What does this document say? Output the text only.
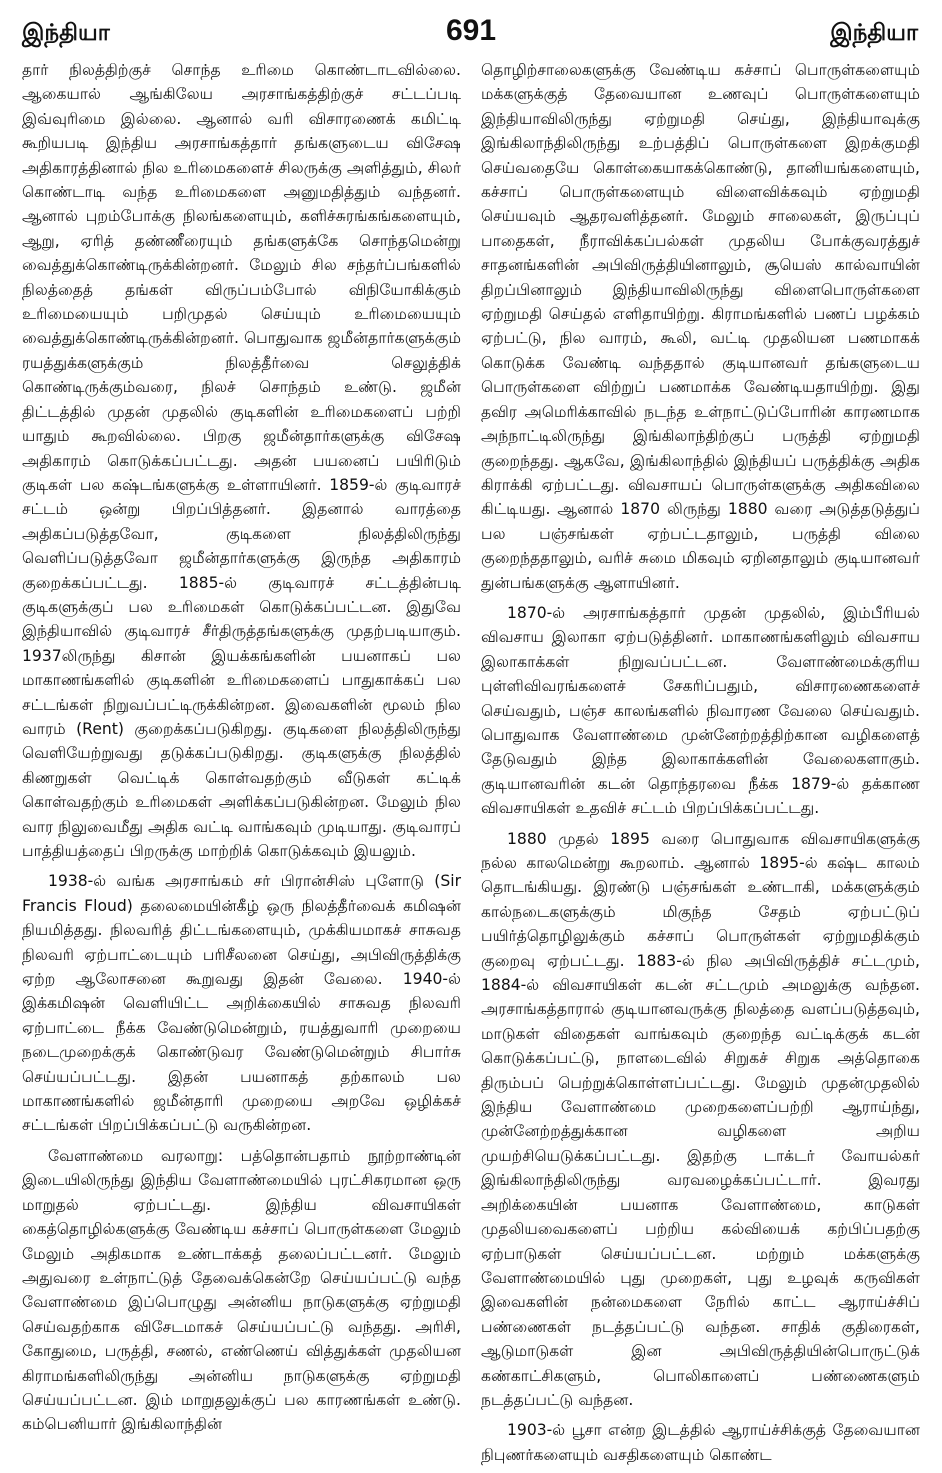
இந்தியா	691	இந்தியா

தார் நிலத்திற்குச் சொந்த உரிமை கொண்டாடவில்லை. ஆகையால் ஆங்கிலேய அரசாங்கத்திற்குச் சட்டப்படி இவ்வுரிமை இல்லை. ஆனால் வரி விசாரணைக் கமிட்டி கூறியபடி இந்திய அரசாங்கத்தார் தங்களுடைய விசேஷ அதிகாரத்தினால் நில உரிமைகளைச் சிலருக்கு அளித்தும், சிலர் கொண்டாடி வந்த உரிமைகளை அனுமதித்தும் வந்தனர். ஆனால் புறம்போக்கு நிலங்களையும், களிச்சுரங்கங்களையும், ஆறு, ஏரித் தண்ணீரையும் தங்களுக்கே சொந்தமென்று வைத்துக்கொண்டிருக்கின்றனர். மேலும் சில சந்தர்ப்பங்களில் நிலத்தைத் தங்கள் விருப்பம்போல் விநியோகிக்கும் உரிமையையும் பறிமுதல் செய்யும் உரிமையையும் வைத்துக்கொண்டிருக்கின்றனர். பொதுவாக ஜமீன்தார்களுக்கும் ரயத்துக்களுக்கும் நிலத்தீர்வை செலுத்திக் கொண்டிருக்கும்வரை, நிலச் சொந்தம் உண்டு. ஜமீன் திட்டத்தில் முதன் முதலில் குடிகளின் உரிமைகளைப் பற்றி யாதும் கூறவில்லை. பிறகு ஜமீன்தார்களுக்கு விசேஷ அதிகாரம் கொடுக்கப்பட்டது. அதன் பயனைப் பயிரிடும் குடிகள் பல கஷ்டங்களுக்கு உள்ளாயினர். 1859-ல் குடிவாரச் சட்டம் ஒன்று பிறப்பித்தனர். இதனால் வாரத்தை அதிகப்படுத்தவோ, குடிகளை நிலத்திலிருந்து வெளிப்படுத்தவோ ஜமீன்தார்களுக்கு இருந்த அதிகாரம் குறைக்கப்பட்டது. 1885-ல் குடிவாரச் சட்டத்தின்படி குடிகளுக்குப் பல உரிமைகள் கொடுக்கப்பட்டன. இதுவே இந்தியாவில் குடிவாரச் சீர்திருத்தங்களுக்கு முதற்படியாகும். 1937லிருந்து கிசான் இயக்கங்களின் பயனாகப் பல மாகாணங்களில் குடிகளின் உரிமைகளைப் பாதுகாக்கப் பல சட்டங்கள் நிறுவப்பட்டிருக்கின்றன. இவைகளின் மூலம் நில வாரம் (Rent) குறைக்கப்படுகிறது. குடிகளை நிலத்திலிருந்து வெளியேற்றுவது தடுக்கப்படுகிறது. குடிகளுக்கு நிலத்தில் கிணறுகள் வெட்டிக் கொள்வதற்கும் வீடுகள் கட்டிக் கொள்வதற்கும் உரிமைகள் அளிக்கப்படுகின்றன. மேலும் நில வார நிலுவைமீது அதிக வட்டி வாங்கவும் முடியாது. குடிவாரப் பாத்தியத்தைப் பிறருக்கு மாற்றிக் கொடுக்கவும் இயலும்.

1938-ல் வங்க அரசாங்கம் சர் பிரான்சிஸ் புளோடு (Sir Francis Floud) தலைமையின்கீழ் ஒரு நிலத்தீர்வைக் கமிஷன் நியமித்தது. நிலவரித் திட்டங்களையும், முக்கியமாகச் சாசுவத நிலவரி ஏற்பாட்டையும் பரிசீலனை செய்து, அபிவிருத்திக்கு ஏற்ற ஆலோசனை கூறுவது இதன் வேலை. 1940-ல் இக்கமிஷன் வெளியிட்ட அறிக்கையில் சாசுவத நிலவரி ஏற்பாட்டை நீக்க வேண்டுமென்றும், ரயத்துவாரி முறையை நடைமுறைக்குக் கொண்டுவர வேண்டுமென்றும் சிபார்சு செய்யப்பட்டது. இதன் பயனாகத் தற்காலம் பல மாகாணங்களில் ஜமீன்தாரி முறையை அறவே ஒழிக்கச் சட்டங்கள் பிறப்பிக்கப்பட்டு வருகின்றன.

வேளாண்மை வரலாறு: பத்தொன்பதாம் நூற்றாண்டின் இடையிலிருந்து இந்திய வேளாண்மையில் புரட்சிகரமான ஒரு மாறுதல் ஏற்பட்டது. இந்திய விவசாயிகள் கைத்தொழில்களுக்கு வேண்டிய கச்சாப் பொருள்களை மேலும் மேலும் அதிகமாக உண்டாக்கத் தலைப்பட்டனர். மேலும் அதுவரை உள்நாட்டுத் தேவைக்கென்றே செய்யப்பட்டு வந்த வேளாண்மை இப்பொழுது அன்னிய நாடுகளுக்கு ஏற்றுமதி செய்வதற்காக விசேடமாகச் செய்யப்பட்டு வந்தது. அரிசி, கோதுமை, பருத்தி, சணல், எண்ணெய் வித்துக்கள் முதலியன கிராமங்களிலிருந்து அன்னிய நாடுகளுக்கு ஏற்றுமதி செய்யப்பட்டன. இம் மாறுதலுக்குப் பல காரணங்கள் உண்டு. கம்பெனியார் இங்கிலாந்தின்

தொழிற்சாலைகளுக்கு வேண்டிய கச்சாப் பொருள்களையும் மக்களுக்குத் தேவையான உணவுப் பொருள்களையும் இந்தியாவிலிருந்து ஏற்றுமதி செய்து, இந்தியாவுக்கு இங்கிலாந்திலிருந்து உற்பத்திப் பொருள்களை இறக்குமதி செய்வதையே கொள்கையாகக்கொண்டு, தானியங்களையும், கச்சாப் பொருள்களையும் விளைவிக்கவும் ஏற்றுமதி செய்யவும் ஆதரவளித்தனர். மேலும் சாலைகள், இருப்புப் பாதைகள், நீராவிக்கப்பல்கள் முதலிய போக்குவரத்துச் சாதனங்களின் அபிவிருத்தியினாலும், சூயெஸ் கால்வாயின் திறப்பினாலும் இந்தியாவிலிருந்து விளைபொருள்களை ஏற்றுமதி செய்தல் எளிதாயிற்று. கிராமங்களில் பணப் பழக்கம் ஏற்பட்டு, நில வாரம், கூலி, வட்டி முதலியன பணமாகக் கொடுக்க வேண்டி வந்ததால் குடியானவர் தங்களுடைய பொருள்களை விற்றுப் பணமாக்க வேண்டியதாயிற்று. இது தவிர அமெரிக்காவில் நடந்த உள்நாட்டுப்போரின் காரணமாக அந்நாட்டிலிருந்து இங்கிலாந்திற்குப் பருத்தி ஏற்றுமதி குறைந்தது. ஆகவே, இங்கிலாந்தில் இந்தியப் பருத்திக்கு அதிக கிராக்கி ஏற்பட்டது. விவசாயப் பொருள்களுக்கு அதிகவிலை கிட்டியது. ஆனால் 1870 லிருந்து 1880 வரை அடுத்தடுத்துப் பல பஞ்சங்கள் ஏற்பட்டதாலும், பருத்தி விலை குறைந்ததாலும், வரிச் சுமை மிகவும் ஏறினதாலும் குடியானவர் துன்பங்களுக்கு ஆளாயினர்.

1870-ல் அரசாங்கத்தார் முதன் முதலில், இம்பீரியல் விவசாய இலாகா ஏற்படுத்தினர். மாகாணங்களிலும் விவசாய இலாகாக்கள் நிறுவப்பட்டன. வேளாண்மைக்குரிய புள்ளிவிவரங்களைச் சேகரிப்பதும், விசாரணைகளைச் செய்வதும், பஞ்ச காலங்களில் நிவாரண வேலை செய்வதும். பொதுவாக வேளாண்மை முன்னேற்றத்திற்கான வழிகளைத் தேடுவதும் இந்த இலாகாக்களின் வேலைகளாகும். குடியானவரின் கடன் தொந்தரவை நீக்க 1879-ல் தக்காண விவசாயிகள் உதவிச் சட்டம் பிறப்பிக்கப்பட்டது.

1880 முதல் 1895 வரை பொதுவாக விவசாயிகளுக்கு நல்ல காலமென்று கூறலாம். ஆனால் 1895-ல் கஷ்ட காலம் தொடங்கியது. இரண்டு பஞ்சங்கள் உண்டாகி, மக்களுக்கும் கால்நடைகளுக்கும் மிகுந்த சேதம் ஏற்பட்டுப் பயிர்த்தொழிலுக்கும் கச்சாப் பொருள்கள் ஏற்றுமதிக்கும் குறைவு ஏற்பட்டது. 1883-ல் நில அபிவிருத்திச் சட்டமும், 1884-ல் விவசாயிகள் கடன் சட்டமும் அமலுக்கு வந்தன. அரசாங்கத்தாரால் குடியானவருக்கு நிலத்தை வளப்படுத்தவும், மாடுகள் விதைகள் வாங்கவும் குறைந்த வட்டிக்குக் கடன் கொடுக்கப்பட்டு, நாளடைவில் சிறுகச் சிறுக அத்தொகை திரும்பப் பெற்றுக்கொள்ளப்பட்டது. மேலும் முதன்முதலில் இந்திய வேளாண்மை முறைகளைப்பற்றி ஆராய்ந்து, முன்னேற்றத்துக்கான வழிகளை அறிய முயற்சியெடுக்கப்பட்டது. இதற்கு டாக்டர் வோயல்கர் இங்கிலாந்திலிருந்து வரவழைக்கப்பட்டார். இவரது அறிக்கையின் பயனாக வேளாண்மை, காடுகள் முதலியவைகளைப் பற்றிய கல்வியைக் கற்பிப்பதற்கு ஏற்பாடுகள் செய்யப்பட்டன. மற்றும் மக்களுக்கு வேளாண்மையில் புது முறைகள், புது உழவுக் கருவிகள் இவைகளின் நன்மைகளை நேரில் காட்ட ஆராய்ச்சிப் பண்ணைகள் நடத்தப்பட்டு வந்தன. சாதிக் குதிரைகள், ஆடுமாடுகள் இன அபிவிருத்தியின்பொருட்டுக் கண்காட்சிகளும், பொலிகாளைப் பண்ணைகளும் நடத்தப்பட்டு வந்தன.

1903-ல் பூசா என்ற இடத்தில் ஆராய்ச்சிக்குத் தேவையான நிபுணர்களையும் வசதிகளையும் கொண்ட
